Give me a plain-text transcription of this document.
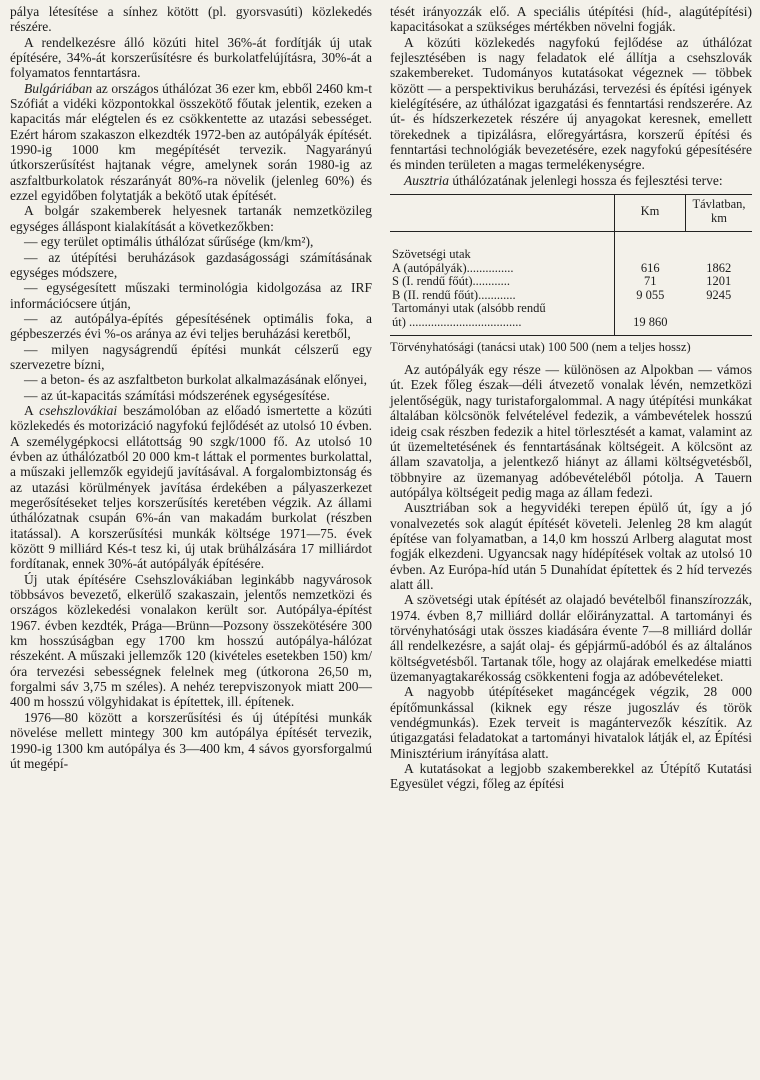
pálya létesítése a sínhez kötött (pl. gyorsvasúti) közlekedés részére.

A rendelkezésre álló közúti hitel 36%-át fordítják új utak építésére, 34%-át korszerűsítésre és burkolatfelújításra, 30%-át a folyamatos fenntartásra.

Bulgáriában az országos úthálózat 36 ezer km, ebből 2460 km-t Szófiát a vidéki központokkal összekötő főutak jelentik, ezeken a kapacitás már elégtelen és ez csökkentette az utazási sebességet. Ezért három szakaszon elkezdték 1972-ben az autópályák építését. 1990-ig 1000 km megépítését tervezik. Nagyarányú útkorszerűsítést hajtanak végre, amelynek során 1980-ig az aszfaltburkolatok részarányát 80%-ra növelik (jelenleg 60%) és ezzel egyidőben folytatják a bekötő utak építését.

A bolgár szakemberek helyesnek tartanák nemzetközileg egységes álláspont kialakítását a következőkben:

— egy terület optimális úthálózat sűrűsége (km/km²),

— az útépítési beruházások gazdaságossági számításának egységes módszere,

— egységesített műszaki terminológia kidolgozása az IRF információcsere útján,

— az autópálya-építés gépesítésének optimális foka, a gépbeszerzés évi %-os aránya az évi teljes beruházási keretből,

— milyen nagyságrendű építési munkát célszerű egy szervezetre bízni,

— a beton- és az aszfaltbeton burkolat alkalmazásának előnyei,

— az út-kapacitás számítási módszerének egységesítése.

A csehszlovákiai beszámolóban az előadó ismertette a közúti közlekedés és motorizáció nagyfokú fejlődését az utolsó 10 évben. A személygépkocsi ellátottság 90 szgk/1000 fő. Az utolsó 10 évben az úthálózatból 20 000 km-t láttak el pormentes burkolattal, a műszaki jellemzők egyidejű javításával. A forgalombiztonság és az utazási körülmények javítása érdekében a pályaszerkezet megerősítéseket teljes korszerűsítés keretében végzik. Az állami úthálózatnak csupán 6%-án van makadám burkolat (részben itatással). A korszerűsítési munkák költsége 1971—75. évek között 9 milliárd Kés-t tesz ki, új utak brühálzására 17 milliárdot fordítanak, ennek 30%-át autópályák építésére.

Új utak építésére Csehszlovákiában leginkább nagyvárosok többsávos bevezető, elkerülő szakaszain, jelentős nemzetközi és országos közlekedési vonalakon került sor. Autópálya-építést 1967. évben kezdték, Prága—Brünn—Pozsony összekötésére 300 km hosszúságban egy 1700 km hosszú autópálya-hálózat részeként. A műszaki jellemzők 120 (kivételes esetekben 150) km/óra tervezési sebességnek felelnek meg (útkorona 26,50 m, forgalmi sáv 3,75 m széles). A nehéz terepviszonyok miatt 200—400 m hosszú völgyhidakat is építettek, ill. építenek.

1976—80 között a korszerűsítési és új útépítési munkák növelése mellett mintegy 300 km autópálya építését tervezik, 1990-ig 1300 km autópálya és 3—400 km, 4 sávos gyorsforgalmú út megépí-

tését irányozzák elő. A speciális útépítési (híd-, alagútépítési) kapacitásokat a szükséges mértékben növelni fogják.

A közúti közlekedés nagyfokú fejlődése az úthálózat fejlesztésében is nagy feladatok elé állítja a csehszlovák szakembereket. Tudományos kutatásokat végeznek — többek között — a perspektivikus beruházási, tervezési és építési igények kielégítésére, az úthálózat igazgatási és fenntartási rendszerére. Az út- és hídszerkezetek részére új anyagokat keresnek, emellett törekednek a tipizálásra, előregyártásra, korszerű építési és fenntartási technológiák bevezetésére, ezek nagyfokú gépesítésére és minden területen a magas termelékenységre.

Ausztria úthálózatának jelenlegi hossza és fejlesztési terve:

	Km	Távlatban, km

Szövetségi utak		
A (autópályák)...............	616	1862
S (I. rendű főút)............	71	1201
B (II. rendű főút)............	9 055	9245
Tartományi utak (alsóbb rendű		
út) ....................................	19 860	

Törvényhatósági (tanácsi utak) 100 500 (nem a teljes hossz)

Az autópályák egy része — különösen az Alpokban — vámos út. Ezek főleg észak—déli átvezető vonalak lévén, nemzetközi jelentőségük, nagy turistaforgalommal. A nagy útépítési munkákat általában kölcsönök felvételével fedezik, a vámbevételek hosszú ideig csak részben fedezik a hitel törlesztését a kamat, valamint az út üzemeltetésének és fenntartásának költségeit. A kölcsönt az állam szavatolja, a jelentkező hiányt az állami költségvetésből, többnyire az üzemanyag adóbevételéből pótolja. A Tauern autópálya költségeit pedig maga az állam fedezi.

Ausztriában sok a hegyvidéki terepen épülő út, így a jó vonalvezetés sok alagút építését követeli. Jelenleg 28 km alagút építése van folyamatban, a 14,0 km hosszú Arlberg alagutat most fogják elkezdeni. Ugyancsak nagy hídépítések voltak az utolsó 10 évben. Az Európa-híd után 5 Dunahídat építettek és 2 híd tervezés alatt áll.

A szövetségi utak építését az olajadó bevételből finanszírozzák, 1974. évben 8,7 milliárd dollár előirányzattal. A tartományi és törvényhatósági utak összes kiadására évente 7—8 milliárd dollár áll rendelkezésre, a saját olaj- és gépjármű-adóból és az általános költségvetésből. Tartanak tőle, hogy az olajárak emelkedése miatti üzemanyagtakarékosság csökkenteni fogja az adóbevételeket.

A nagyobb útépítéseket magáncégek végzik, 28 000 építőmunkással (kiknek egy része jugoszláv és török vendégmunkás). Ezek terveit is magántervezők készítik. Az útigazgatási feladatokat a tartományi hivatalok látják el, az Építési Minisztérium irányítása alatt.

A kutatásokat a legjobb szakemberekkel az Útépítő Kutatási Egyesület végzi, főleg az építési
